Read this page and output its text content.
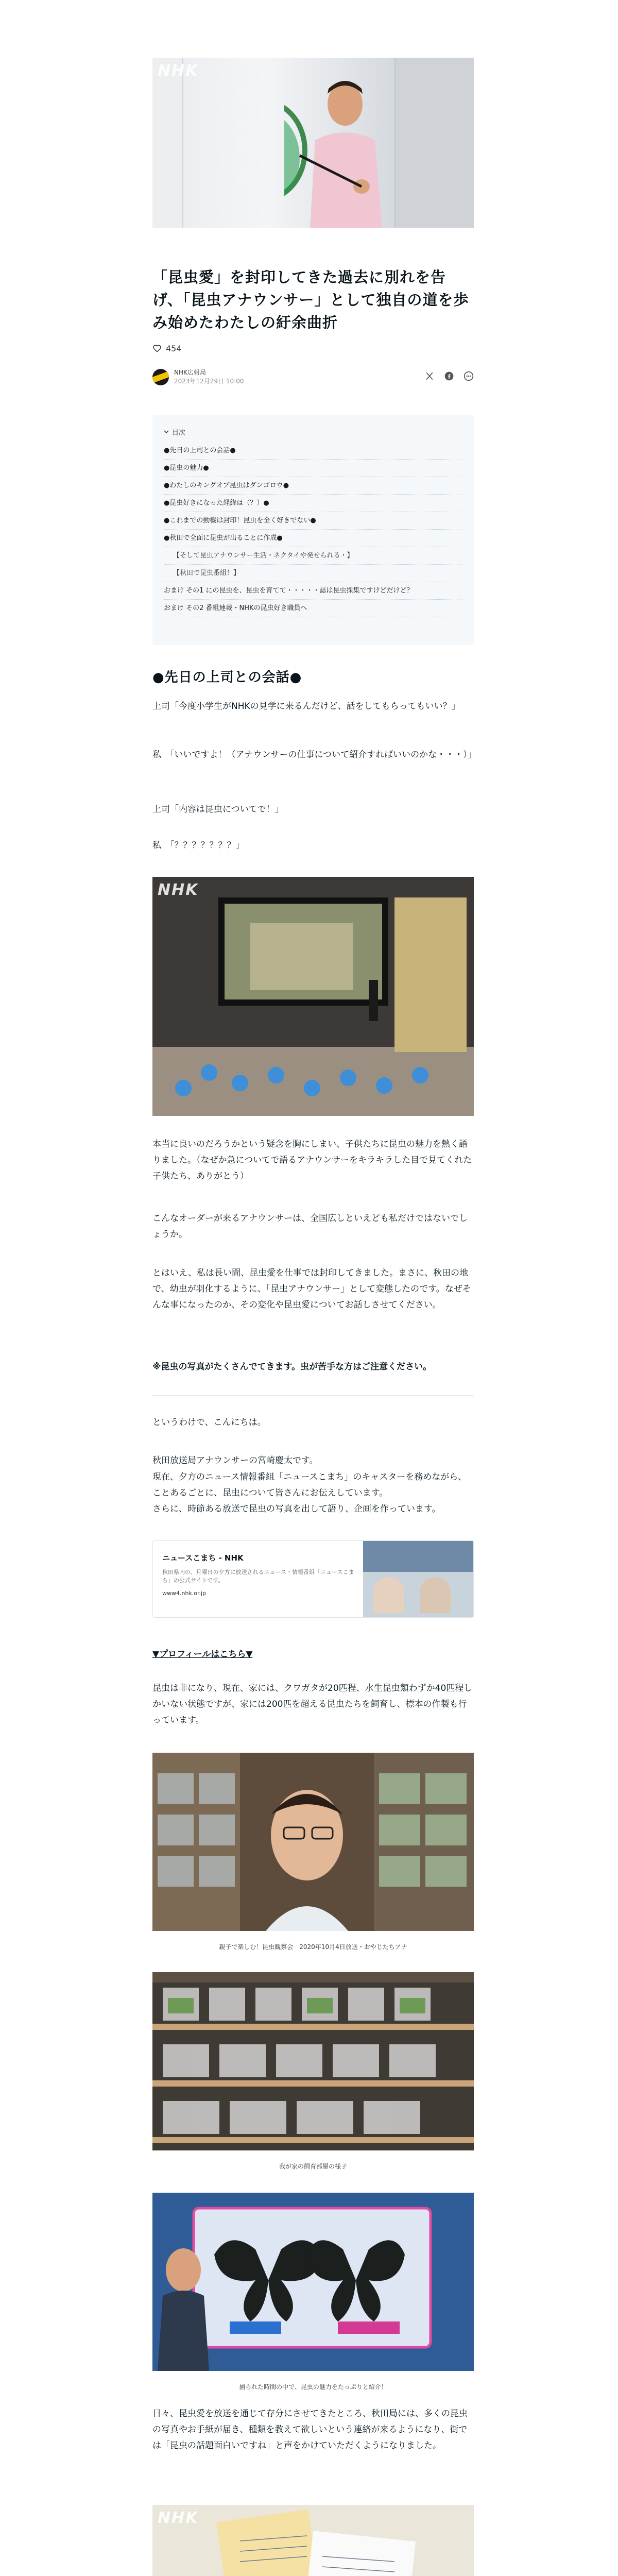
NHK
「昆虫愛」を封印してきた過去に別れを告げ、「昆虫アナウンサー」として独自の道を歩み始めたわたしの紆余曲折
454
NHK広報局
2023年12月29日 10:00
目次
●先日の上司との会話●
●昆虫の魅力●
●わたしのキングオブ昆虫はダンゴロウ●
●昆虫好きになった経緯は（？）●
●これまでの動機は封印！昆虫を全く好きでない●
●秋田で全面に昆虫が出ることに作成●
【そして昆虫アナウンサー生活・ネクタイや発せられる・】
【秋田で昆虫番組！】
おまけ その1 にの昆虫を、昆虫を育てて・・・・・誌は昆虫採集ですけどだけど？
おまけ その2 番組連載・NHKの昆虫好き職員へ
●先日の上司との会話●

上司「今度小学生がNHKの見学に来るんだけど、話をしてもらってもいい？」

私　「いいですよ！（アナウンサーの仕事について紹介すればいいのかな・・・）」

上司「内容は昆虫についてで！」

私　「？？？？？？？」

NHK

本当に良いのだろうかという疑念を胸にしまい、子供たちに昆虫の魅力を熱く語りました。（なぜか急についてで語るアナウンサーをキラキラした目で見てくれた子供たち、ありがとう）

こんなオーダーが来るアナウンサーは、全国広しといえども私だけではないでしょうか。

とはいえ、私は長い間、昆虫愛を仕事では封印してきました。まさに、秋田の地で、幼虫が羽化するように、「昆虫アナウンサー」として変態したのです。なぜそんな事になったのか、その変化や昆虫愛についてお話しさせてください。

※昆虫の写真がたくさんでてきます。虫が苦手な方はご注意ください。

というわけで、こんにちは。

秋田放送局アナウンサーの宮崎慶太です。

現在、夕方のニュース情報番組「ニュースこまち」のキャスターを務めながら、ことあるごとに、昆虫について皆さんにお伝えしています。

さらに、時節ある放送で昆虫の写真を出して語り、企画を作っています。

ニュースこまち - NHK
秋田県内の、月曜日の夕方に放送されるニュース・情報番組「ニュースこまち」の公式サイトです。
www4.nhk.or.jp
▼プロフィールはこちら▼

昆虫は非になり、現在、家には、クワガタが20匹程、水生昆虫類わずか40匹程しかいない状態ですが、家には200匹を超える昆虫たちを飼育し、標本の作製も行っています。

親子で楽しむ！昆虫観察会　2020年10月4日放送・おやじたちアナ
我が家の飼育部屋の様子
捕られた時間の中で、昆虫の魅力をたっぷりと紹介！

日々、昆虫愛を放送を通じて存分にさせてきたところ、秋田局には、多くの昆虫の写真やお手紙が届き、種類を教えて欲しいという連絡が来るようになり、街では「昆虫の話題面白いですね」と声をかけていただくようになりました。

NHK
